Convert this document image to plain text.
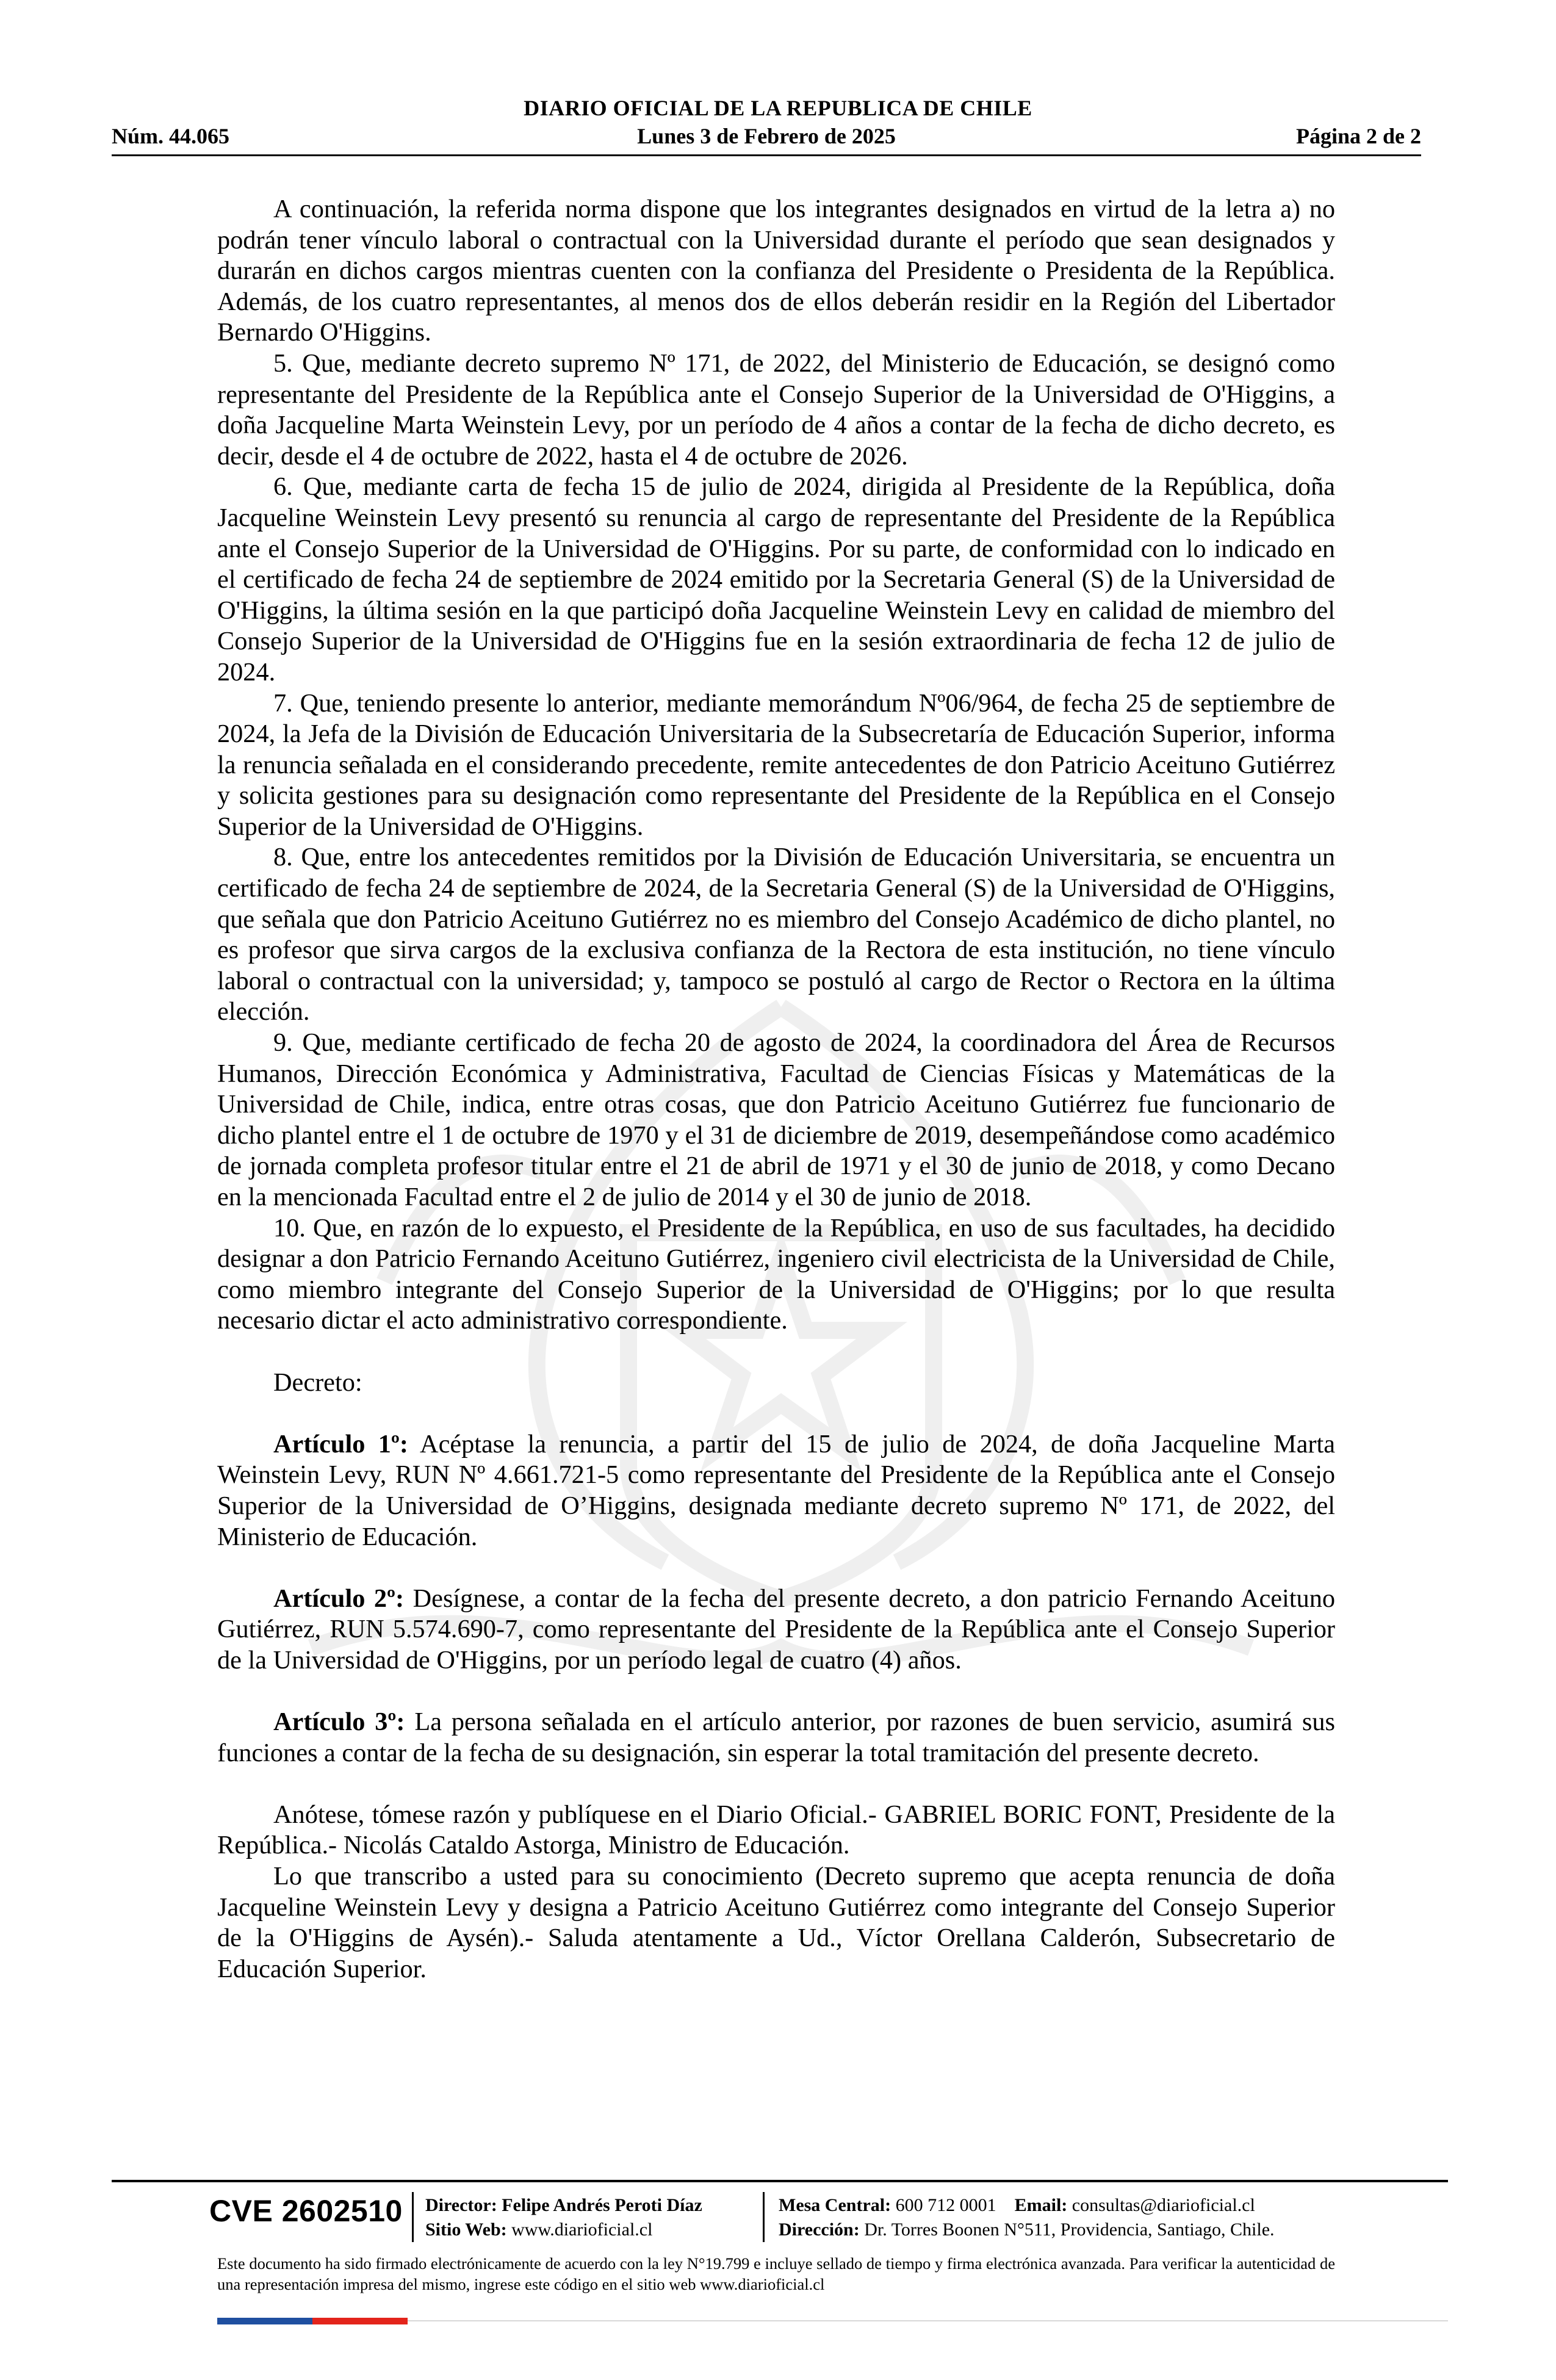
DIARIO OFICIAL DE LA REPUBLICA DE CHILE
Lunes 3 de Febrero de 2025
Núm. 44.065	Página 2 de 2

A continuación, la referida norma dispone que los integrantes designados en virtud de la letra a) no podrán tener vínculo laboral o contractual con la Universidad durante el período que sean designados y durarán en dichos cargos mientras cuenten con la confianza del Presidente o Presidenta de la República. Además, de los cuatro representantes, al menos dos de ellos deberán residir en la Región del Libertador Bernardo O'Higgins.

5. Que, mediante decreto supremo Nº 171, de 2022, del Ministerio de Educación, se designó como representante del Presidente de la República ante el Consejo Superior de la Universidad de O'Higgins, a doña Jacqueline Marta Weinstein Levy, por un período de 4 años a contar de la fecha de dicho decreto, es decir, desde el 4 de octubre de 2022, hasta el 4 de octubre de 2026.

6. Que, mediante carta de fecha 15 de julio de 2024, dirigida al Presidente de la República, doña Jacqueline Weinstein Levy presentó su renuncia al cargo de representante del Presidente de la República ante el Consejo Superior de la Universidad de O'Higgins. Por su parte, de conformidad con lo indicado en el certificado de fecha 24 de septiembre de 2024 emitido por la Secretaria General (S) de la Universidad de O'Higgins, la última sesión en la que participó doña Jacqueline Weinstein Levy en calidad de miembro del Consejo Superior de la Universidad de O'Higgins fue en la sesión extraordinaria de fecha 12 de julio de 2024.

7. Que, teniendo presente lo anterior, mediante memorándum Nº06/964, de fecha 25 de septiembre de 2024, la Jefa de la División de Educación Universitaria de la Subsecretaría de Educación Superior, informa la renuncia señalada en el considerando precedente, remite antecedentes de don Patricio Aceituno Gutiérrez y solicita gestiones para su designación como representante del Presidente de la República en el Consejo Superior de la Universidad de O'Higgins.

8. Que, entre los antecedentes remitidos por la División de Educación Universitaria, se encuentra un certificado de fecha 24 de septiembre de 2024, de la Secretaria General (S) de la Universidad de O'Higgins, que señala que don Patricio Aceituno Gutiérrez no es miembro del Consejo Académico de dicho plantel, no es profesor que sirva cargos de la exclusiva confianza de la Rectora de esta institución, no tiene vínculo laboral o contractual con la universidad; y, tampoco se postuló al cargo de Rector o Rectora en la última elección.

9. Que, mediante certificado de fecha 20 de agosto de 2024, la coordinadora del Área de Recursos Humanos, Dirección Económica y Administrativa, Facultad de Ciencias Físicas y Matemáticas de la Universidad de Chile, indica, entre otras cosas, que don Patricio Aceituno Gutiérrez fue funcionario de dicho plantel entre el 1 de octubre de 1970 y el 31 de diciembre de 2019, desempeñándose como académico de jornada completa profesor titular entre el 21 de abril de 1971 y el 30 de junio de 2018, y como Decano en la mencionada Facultad entre el 2 de julio de 2014 y el 30 de junio de 2018.

10. Que, en razón de lo expuesto, el Presidente de la República, en uso de sus facultades, ha decidido designar a don Patricio Fernando Aceituno Gutiérrez, ingeniero civil electricista de la Universidad de Chile, como miembro integrante del Consejo Superior de la Universidad de O'Higgins; por lo que resulta necesario dictar el acto administrativo correspondiente.

Decreto:

Artículo 1º: Acéptase la renuncia, a partir del 15 de julio de 2024, de doña Jacqueline Marta Weinstein Levy, RUN Nº 4.661.721-5 como representante del Presidente de la República ante el Consejo Superior de la Universidad de O’Higgins, designada mediante decreto supremo Nº 171, de 2022, del Ministerio de Educación.

Artículo 2º: Desígnese, a contar de la fecha del presente decreto, a don patricio Fernando Aceituno Gutiérrez, RUN 5.574.690-7, como representante del Presidente de la República ante el Consejo Superior de la Universidad de O'Higgins, por un período legal de cuatro (4) años.

Artículo 3º: La persona señalada en el artículo anterior, por razones de buen servicio, asumirá sus funciones a contar de la fecha de su designación, sin esperar la total tramitación del presente decreto.

Anótese, tómese razón y publíquese en el Diario Oficial.- GABRIEL BORIC FONT, Presidente de la República.- Nicolás Cataldo Astorga, Ministro de Educación.

Lo que transcribo a usted para su conocimiento (Decreto supremo que acepta renuncia de doña Jacqueline Weinstein Levy y designa a Patricio Aceituno Gutiérrez como integrante del Consejo Superior de la O'Higgins de Aysén).- Saluda atentamente a Ud., Víctor Orellana Calderón, Subsecretario de Educación Superior.

CVE 2602510 Director: Felipe Andrés Peroti Díaz
Sitio Web: www.diarioficial.cl
Mesa Central: 600 712 0001 Email: consultas@diarioficial.cl
Dirección: Dr. Torres Boonen N°511, Providencia, Santiago, Chile.
Este documento ha sido firmado electrónicamente de acuerdo con la ley N°19.799 e incluye sellado de tiempo y firma electrónica avanzada. Para verificar la autenticidad de una representación impresa del mismo, ingrese este código en el sitio web www.diarioficial.cl
